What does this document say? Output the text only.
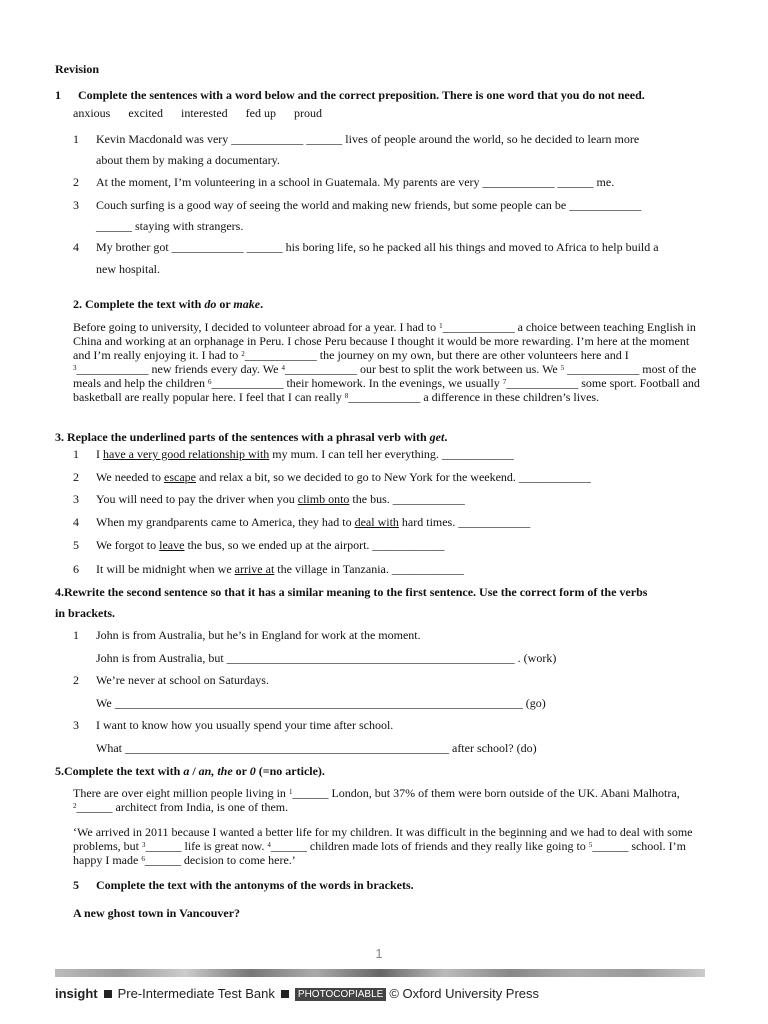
Revision
1 Complete the sentences with a word below and the correct preposition. There is one word that you do not need.
anxious excited interested fed up proud
1 Kevin Macdonald was very ____________ ______ lives of people around the world, so he decided to learn more
about them by making a documentary.
2 At the moment, I’m volunteering in a school in Guatemala. My parents are very ____________ ______ me.
3 Couch surfing is a good way of seeing the world and making new friends, but some people can be ____________
______ staying with strangers.
4 My brother got ____________ ______ his boring life, so he packed all his things and moved to Africa to help build a
new hospital.
2. Complete the text with do or make.
Before going to university, I decided to volunteer abroad for a year. I had to $^1$____________ a choice between teaching English in China and working at an orphanage in Peru. I chose Peru because I thought it would be more rewarding. I’m here at the moment and I’m really enjoying it. I had to $^2$____________ the journey on my own, but there are other volunteers here and I $^3$____________ new friends every day. We $^4$____________ our best to split the work between us. We $^5$ ____________ most of the meals and help the children $^6$____________ their homework. In the evenings, we usually $^7$____________ some sport. Football and basketball are really popular here. I feel that I can really $^8$____________ a difference in these children’s lives.
3. Replace the underlined parts of the sentences with a phrasal verb with get.
1 I have a very good relationship with my mum. I can tell her everything. ____________
2 We needed to escape and relax a bit, so we decided to go to New York for the weekend. ____________
3 You will need to pay the driver when you climb onto the bus. ____________
4 When my grandparents came to America, they had to deal with hard times. ____________
5 We forgot to leave the bus, so we ended up at the airport. ____________
6 It will be midnight when we arrive at the village in Tanzania. ____________
4.Rewrite the second sentence so that it has a similar meaning to the first sentence. Use the correct form of the verbs
in brackets.
1 John is from Australia, but he’s in England for work at the moment.
John is from Australia, but ________________________________________________ . (work)
2 We’re never at school on Saturdays.
We ____________________________________________________________________ (go)
3 I want to know how you usually spend your time after school.
What ______________________________________________________ after school? (do)
5.Complete the text with a / an, the or 0 (=no article).
There are over eight million people living in $^1$______ London, but 37% of them were born outside of the UK. Abani Malhotra, $^2$______ architect from India, is one of them.
‘We arrived in 2011 because I wanted a better life for my children. It was difficult in the beginning and we had to deal with some problems, but $^3$______ life is great now. $^4$______ children made lots of friends and they really like going to $^5$______ school. I’m happy I made $^6$______ decision to come here.’
5 Complete the text with the antonyms of the words in brackets.
A new ghost town in Vancouver?
1
insight Pre-Intermediate Test Bank PHOTOCOPIABLE © Oxford University Press
